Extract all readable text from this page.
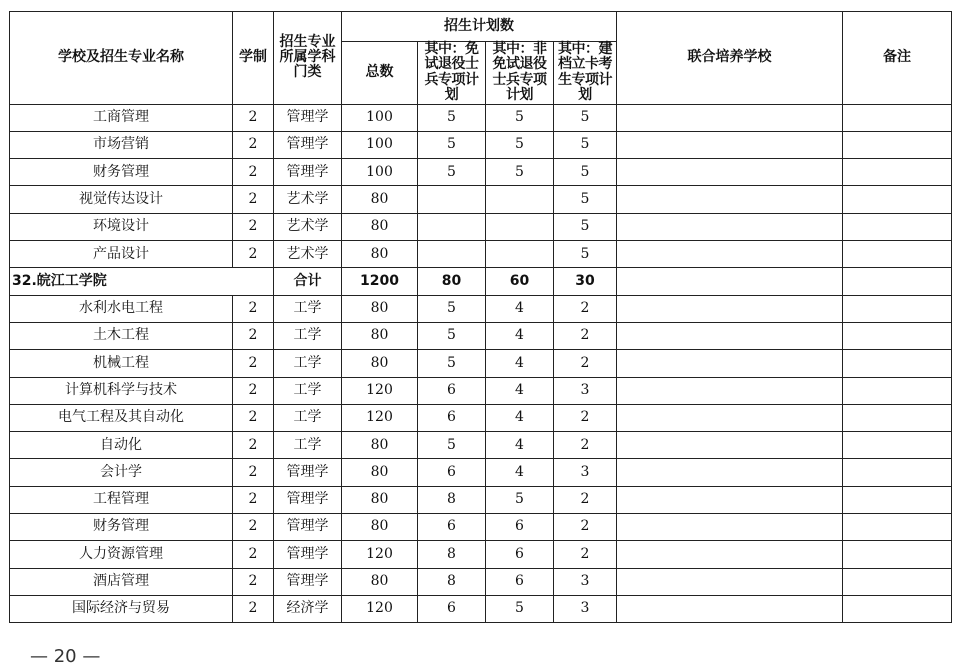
学校及招生专业名称	学制	招生专业所属学科门类	招生计划数				联合培养学校	备注
			总数	其中：免试退役士兵专项计划	其中：非免试退役士兵专项计划	其中：建档立卡考生专项计划		
工商管理	2	管理学	100	5	5	5		
市场营销	2	管理学	100	5	5	5		
财务管理	2	管理学	100	5	5	5		
视觉传达设计	2	艺术学	80			5		
环境设计	2	艺术学	80			5		
产品设计	2	艺术学	80			5		
32.皖江工学院		合计	1200	80	60	30		
水利水电工程	2	工学	80	5	4	2		
土木工程	2	工学	80	5	4	2		
机械工程	2	工学	80	5	4	2		
计算机科学与技术	2	工学	120	6	4	3		
电气工程及其自动化	2	工学	120	6	4	2		
自动化	2	工学	80	5	4	2		
会计学	2	管理学	80	6	4	3		
工程管理	2	管理学	80	8	5	2		
财务管理	2	管理学	80	6	6	2		
人力资源管理	2	管理学	120	8	6	2		
酒店管理	2	管理学	80	8	6	3		
国际经济与贸易	2	经济学	120	6	5	3		
— 20 —
